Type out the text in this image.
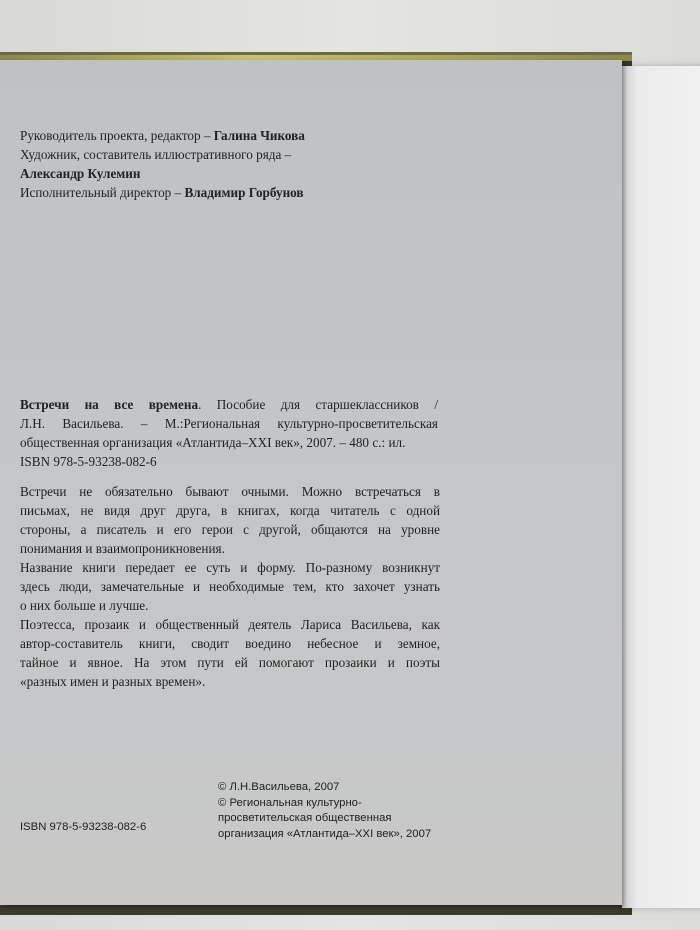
Руководитель проекта, редактор – Галина Чикова
Художник, составитель иллюстративного ряда –
Александр Кулемин
Исполнительный директор – Владимир Горбунов
Встречи на все времена. Пособие для старшеклассников /
Л.Н. Васильева. – М.:Региональная культурно-просветительская
общественная организация «Атлантида–XXI век», 2007. – 480 с.: ил.
ISBN 978-5-93238-082-6

Встречи не обязательно бывают очными. Можно встречаться в
письмах, не видя друг друга, в книгах, когда читатель с одной
стороны, а писатель и его герои с другой, общаются на уровне
понимания и взаимопроникновения.

Название книги передает ее суть и форму. По-разному возникнут
здесь люди, замечательные и необходимые тем, кто захочет узнать
о них больше и лучше.

Поэтесса, прозаик и общественный деятель Лариса Васильева, как
автор-составитель книги, сводит воедино небесное и земное,
тайное и явное. На этом пути ей помогают прозаики и поэты
«разных имен и разных времен».

ISBN 978-5-93238-082-6
© Л.Н.Васильева, 2007
© Региональная культурно-
просветительская общественная
организация «Атлантида–XXI век», 2007
